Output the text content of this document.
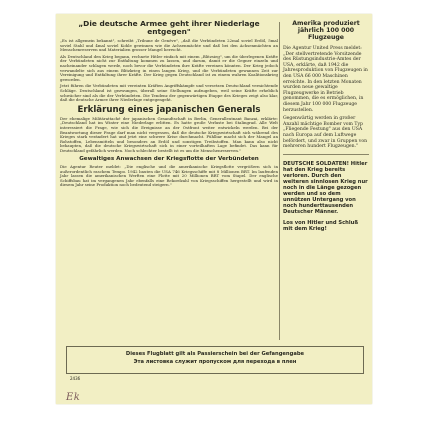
„Die deutsche Armee geht ihrer Niederlage entgegen"

„Es ist allgemein bekannt", schreibt „Tribune de Genève", „daß die Verbündeten 22mal soviel Erdöl, 5mal soviel Stahl und 4mal soviel Kohle gewinnen wie die Achsenmächte und daß bei den Achsenmächten an Menschenreserven und Materialien grosser Mangel herrscht.

Als Deutschland den Krieg begann, rechnete Hitler einfach mit einem „Blitzsieg", um die überlegenen Kräfte der Verbündeten nicht zur Entfaltung kommen zu lassen, und darum, damit er die Gegner einzeln und nacheinander schlagen werde, noch bevor die Verbündeten ihre Kräfte vereinen könnten. Der Krieg jedoch verwandelte sich aus einem Blitzkrieg in einen langen Krieg, und die Verbündeten gewannen Zeit zur Vereinigung und Entfaltung ihrer Kräfte. Der Krieg gegen Deutschland ist zu einem wahren Koalitionskrieg geworden.

Jetzt führen die Verbündeten mit vereinten Kräften Angriffskämpfe und versetzen Deutschland vernichtende Schläge. Deutschland ist gezwungen, überall seine Stellungen aufzugeben, weil seine Kräfte erheblich schwächer sind als die der Verbündeten. Die Tendenz der gegenwärtigen Etappe des Krieges zeigt also klar, daß die deutsche Armee ihrer Niederlage entgegengeht.

Erklärung eines japanischen Generals

Der ehemalige Militärattaché der japanischen Gesandtschaft in Berlin, Generalleutnant Banzai, erklärte: „Deutschland hat im Winter eine Niederlage erlitten. Es hatte große Verluste bei Stalingrad. Alle Welt interessiert die Frage, wie sich die Ereignisse an der Ostfront weiter entwickeln werden. Bei der Beantwortung dieser Frage darf man nicht vergessen, daß die deutsche Kriegswirtschaft sich während des Krieges stark verändert hat und jetzt eine schwere Krise durchmacht. Fühlbar macht sich der Mangel an Rohstoffen, Lebensmitteln und besonders an Erdöl und sonstigen Treibstoffen. Man kann also nicht behaupten, daß die deutsche Kriegswirtschaft sich in einer vorteilhaften Lage befindet. Das kann für Deutschland gefährlich werden. Noch schlechter bestellt ist es um die Menschenreserven."

Gewaltiges Anwachsen der Kriegsflotte der Verbündeten

Die Agentur Reuter meldet: „Die englische und die amerikanische Kriegsflotte vergrößern sich in außerordentlich raschem Tempo. 1942 bauten die USA 746 Kriegsschiffe mit 8 Millionen BRT. Im laufenden Jahr lassen die amerikanischen Werften eine Flotte mit 20 Millionen BRT vom Stapel. Der englische Schiffsbau hat im vergangenen Jahr ebenfalls eine Rekordzahl von Kriegsschiffen hergestellt und wird in diesem Jahr seine Produktion noch bedeutend steigern."

Amerika produziert jährlich 100 000 Flugzeuge
Die Agentur United Press meldet: „Der stellvertretende Vorsitzende des Rüstungsindustrie-Amtes der USA, erklärte, daß 1942 die Jahresproduktion von Flugzeugen in den USA 66 000 Maschinen erreichte. In den letzten Monaten wurden neue gewaltige Flugzeugwerke in Betrieb genommen, die es ermöglichen, in diesem Jahr 100 000 Flugzeuge herzustellen.
Gegenwärtig werden in großer Anzahl mächtige Bomber vom Typ „Fliegende Festung" aus den USA nach Europa auf dem Luftwege befördert, und zwar in Gruppen von mehreren hundert Flugzeugen."
DEUTSCHE SOLDATEN! Hitler hat den Krieg bereits verloren. Durch den weiteren sinnlosen Krieg nur noch in die Länge gezogen werden und so dem unnützen Untergang von noch hunderttausenden Deutscher Männer.
Los von Hitler und Schluß mit dem Krieg!
Dieses Flugblatt gilt als Passierschein bei der Gefangengabe
Эта листовка служит пропуском для перехода в плен
2436
Ek
